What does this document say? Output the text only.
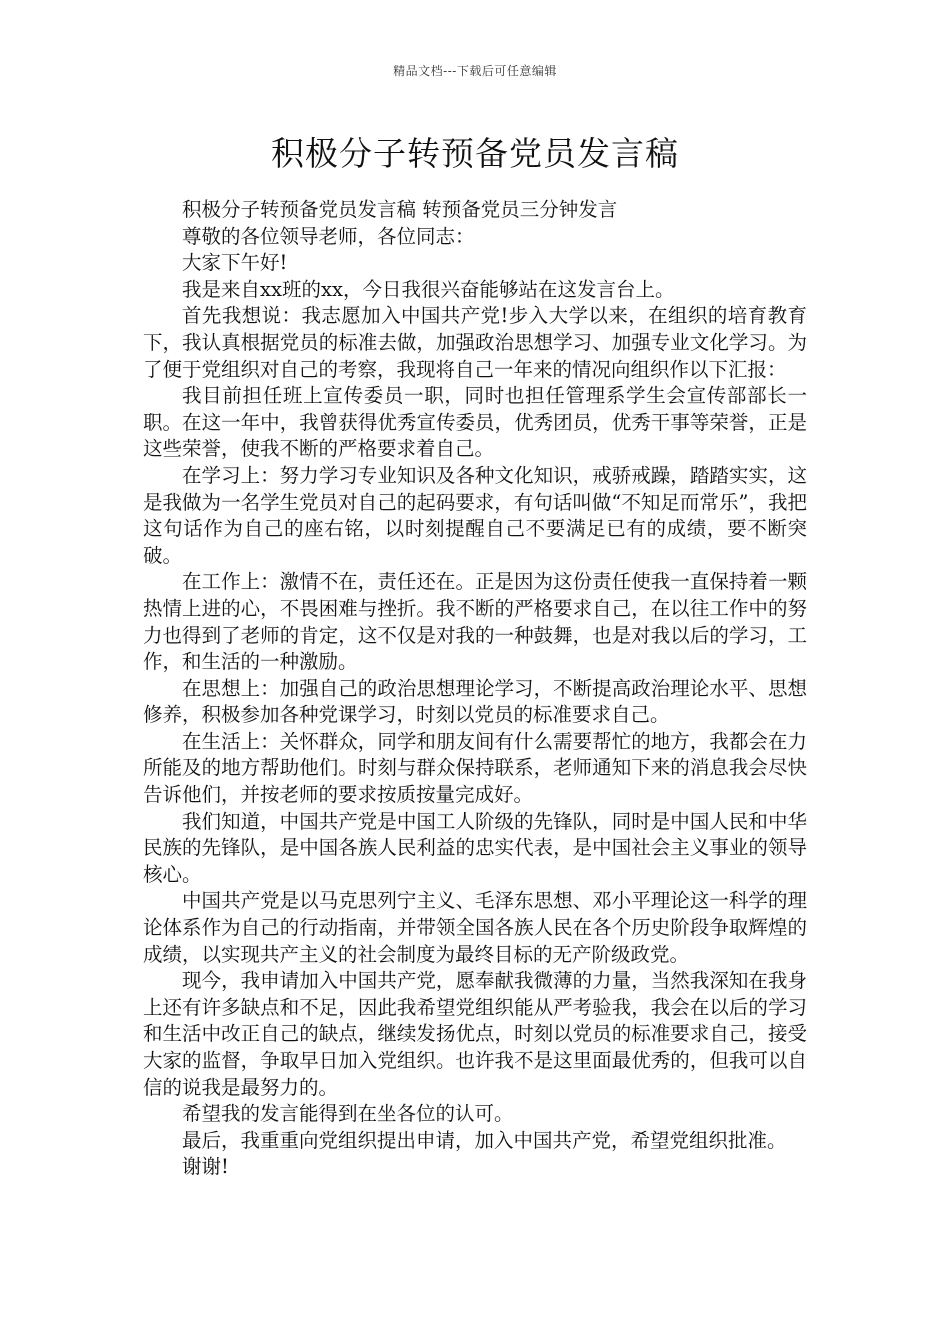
精品文档---下载后可任意编辑
积极分子转预备党员发言稿

积极分子转预备党员发言稿 转预备党员三分钟发言

尊敬的各位领导老师，各位同志：

大家下午好!

我是来自xx班的xx，今日我很兴奋能够站在这发言台上。

首先我想说：我志愿加入中国共产党!步入大学以来，在组织的培育教育下，我认真根据党员的标准去做，加强政治思想学习、加强专业文化学习。为了便于党组织对自己的考察，我现将自己一年来的情况向组织作以下汇报：

我目前担任班上宣传委员一职，同时也担任管理系学生会宣传部部长一职。在这一年中，我曾获得优秀宣传委员，优秀团员，优秀干事等荣誉，正是这些荣誉，使我不断的严格要求着自己。

在学习上：努力学习专业知识及各种文化知识，戒骄戒躁，踏踏实实，这是我做为一名学生党员对自己的起码要求，有句话叫做“不知足而常乐”，我把这句话作为自己的座右铭，以时刻提醒自己不要满足已有的成绩，要不断突破。

在工作上：激情不在，责任还在。正是因为这份责任使我一直保持着一颗热情上进的心，不畏困难与挫折。我不断的严格要求自己，在以往工作中的努力也得到了老师的肯定，这不仅是对我的一种鼓舞，也是对我以后的学习，工作，和生活的一种激励。

在思想上：加强自己的政治思想理论学习，不断提高政治理论水平、思想修养，积极参加各种党课学习，时刻以党员的标准要求自己。

在生活上：关怀群众，同学和朋友间有什么需要帮忙的地方，我都会在力所能及的地方帮助他们。时刻与群众保持联系，老师通知下来的消息我会尽快告诉他们，并按老师的要求按质按量完成好。

我们知道，中国共产党是中国工人阶级的先锋队，同时是中国人民和中华民族的先锋队，是中国各族人民利益的忠实代表，是中国社会主义事业的领导核心。

中国共产党是以马克思列宁主义、毛泽东思想、邓小平理论这一科学的理论体系作为自己的行动指南，并带领全国各族人民在各个历史阶段争取辉煌的成绩，以实现共产主义的社会制度为最终目标的无产阶级政党。

现今，我申请加入中国共产党，愿奉献我微薄的力量，当然我深知在我身上还有许多缺点和不足，因此我希望党组织能从严考验我，我会在以后的学习和生活中改正自己的缺点，继续发扬优点，时刻以党员的标准要求自己，接受大家的监督，争取早日加入党组织。也许我不是这里面最优秀的，但我可以自信的说我是最努力的。

希望我的发言能得到在坐各位的认可。

最后，我重重向党组织提出申请，加入中国共产党，希望党组织批准。

谢谢!
